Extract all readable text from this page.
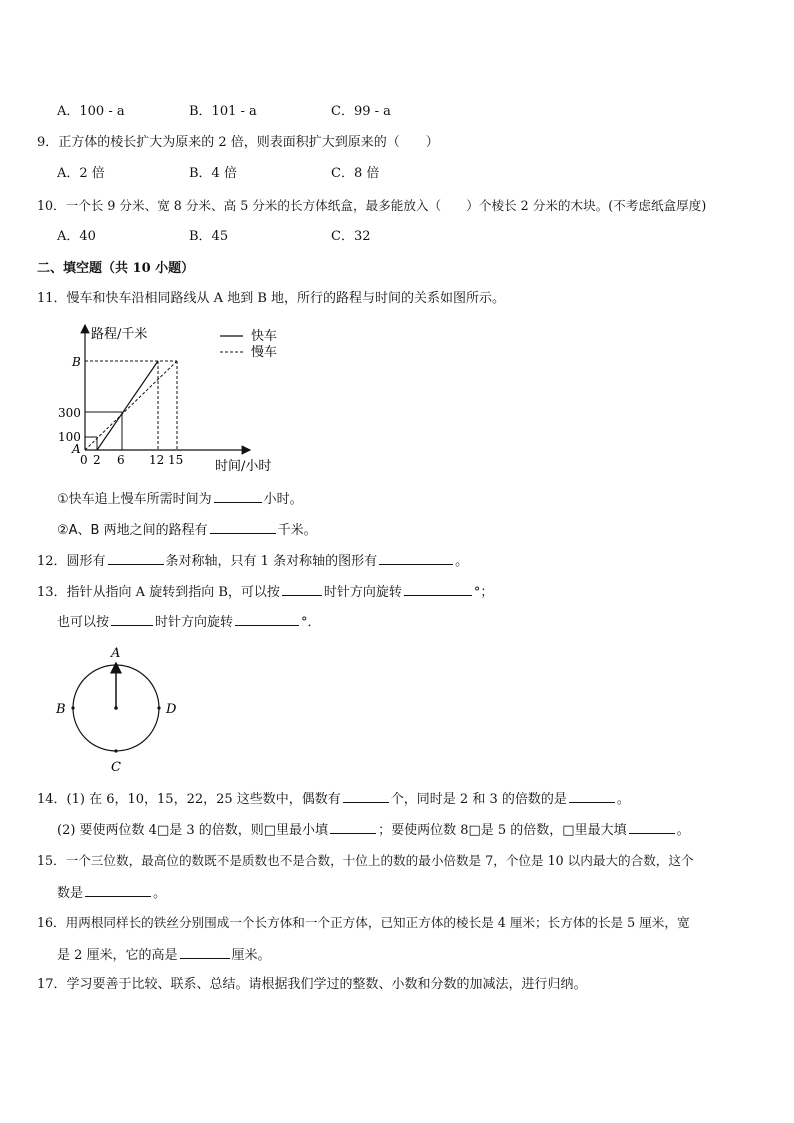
A．100 - a	B．101 - a	C．99 - a
9．正方体的棱长扩大为原来的 2 倍，则表面积扩大到原来的（　　）
A．2 倍	B．4 倍	C．8 倍
10．一个长 9 分米、宽 8 分米、高 5 分米的长方体纸盒，最多能放入（　　）个棱长 2 分米的木块。(不考虑纸盒厚度)
A．40	B．45	C．32
二、填空题（共 10 小题）
11．慢车和快车沿相同路线从 A 地到 B 地，所行的路程与时间的关系如图所示。
路程/千米
时间/小时
快车
慢车
B
300
100
A
0 2 6 12 15
①快车追上慢车所需时间为	小时。
②A、B 两地之间的路程有	千米。
12．圆形有	条对称轴，只有 1 条对称轴的图形有	。
13．指针从指向 A 旋转到指向 B，可以按	时针方向旋转	°；
也可以按	时针方向旋转	°．
A
B
C
D
14．(1) 在 6，10，15，22，25 这些数中，偶数有	个，同时是 2 和 3 的倍数的是	。
(2) 要使两位数 4□是 3 的倍数，则□里最小填	；要使两位数 8□是 5 的倍数，□里最大填	。
15．一个三位数，最高位的数既不是质数也不是合数，十位上的数的最小倍数是 7，个位是 10 以内最大的合数，这个
数是	。
16．用两根同样长的铁丝分别围成一个长方体和一个正方体，已知正方体的棱长是 4 厘米；长方体的长是 5 厘米，宽
是 2 厘米，它的高是	厘米。
17．学习要善于比较、联系、总结。请根据我们学过的整数、小数和分数的加减法，进行归纳。
